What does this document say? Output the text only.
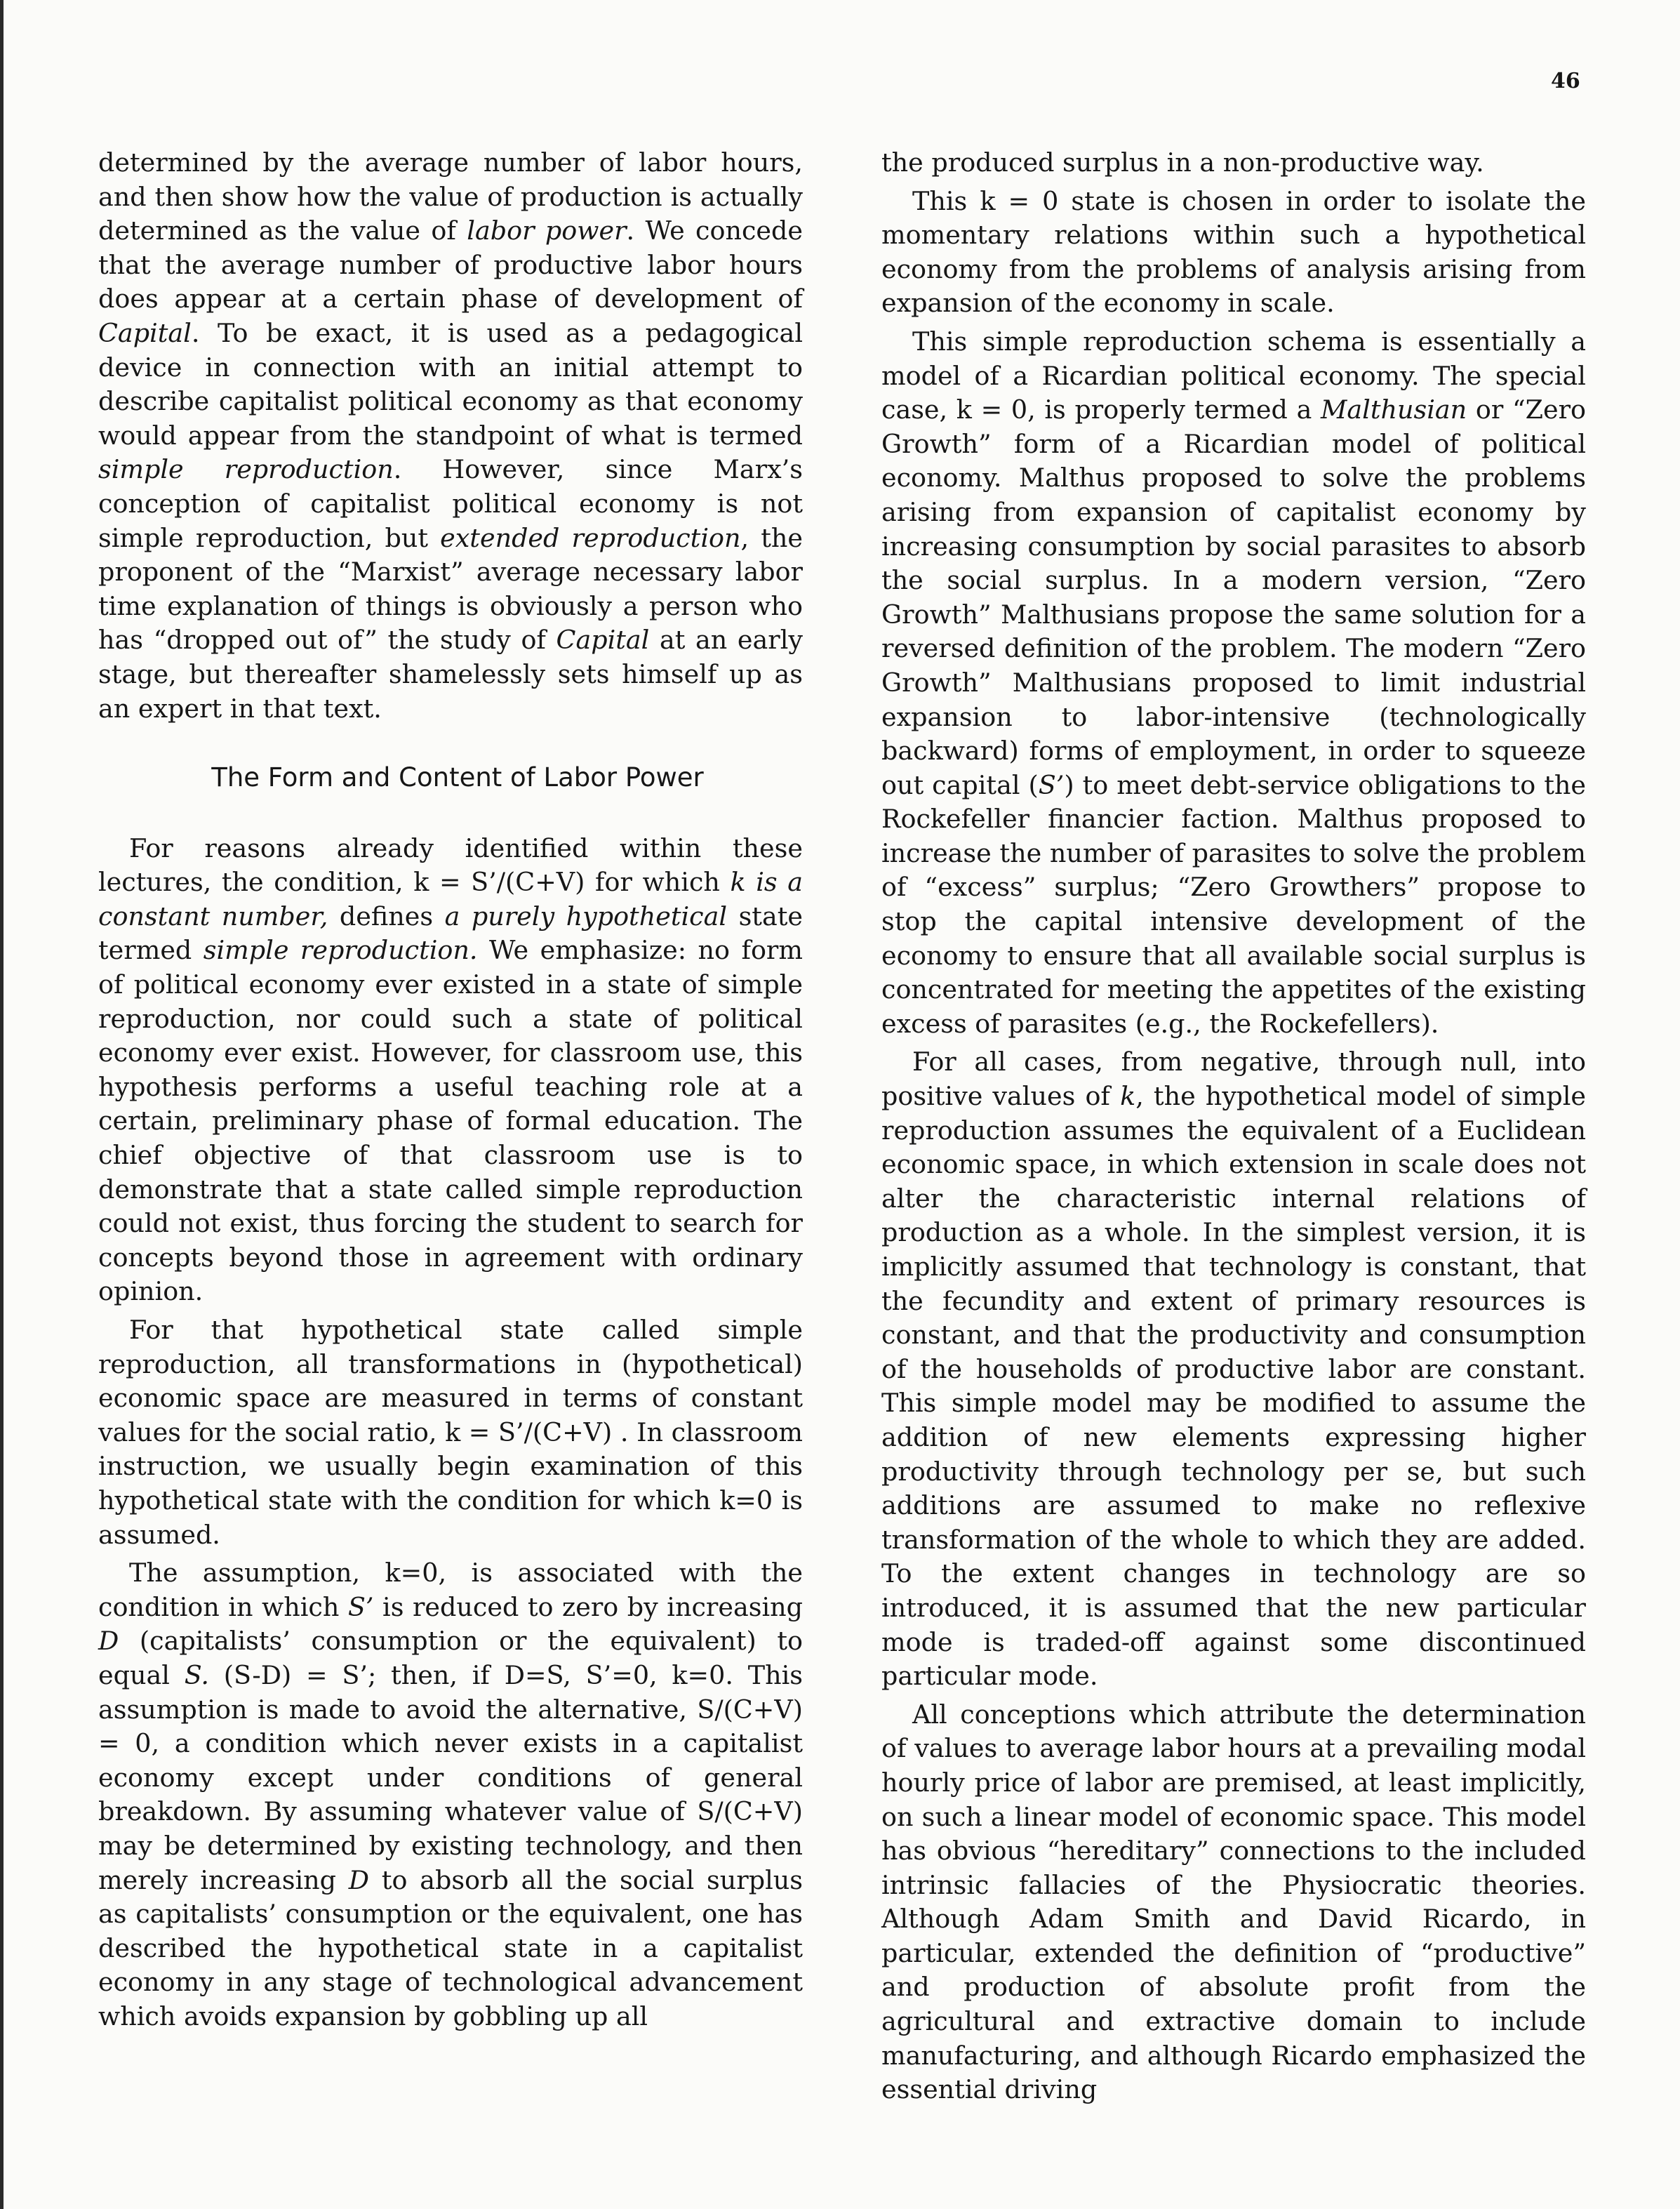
46

determined by the average number of labor hours, and then show how the value of production is actually determined as the value of labor power. We concede that the average number of productive labor hours does appear at a certain phase of development of Capital. To be exact, it is used as a pedagogical device in connection with an initial attempt to describe capitalist political economy as that economy would appear from the standpoint of what is termed simple reproduction. However, since Marx’s conception of capitalist political economy is not simple reproduction, but extended reproduction, the proponent of the “Marxist” average necessary labor time explanation of things is obviously a person who has “dropped out of” the study of Capital at an early stage, but thereafter shamelessly sets himself up as an expert in that text.

The Form and Content of Labor Power

For reasons already identified within these lectures, the condition, k = S’/(C+V) for which k is a constant number, defines a purely hypothetical state termed simple reproduction. We emphasize: no form of political economy ever existed in a state of simple reproduction, nor could such a state of political economy ever exist. However, for classroom use, this hypothesis performs a useful teaching role at a certain, preliminary phase of formal education. The chief objective of that classroom use is to demonstrate that a state called simple reproduction could not exist, thus forcing the student to search for concepts beyond those in agreement with ordinary opinion.

For that hypothetical state called simple reproduction, all transformations in (hypothetical) economic space are measured in terms of constant values for the social ratio, k = S’/(C+V) . In classroom instruction, we usually begin examination of this hypothetical state with the condition for which k=0 is assumed.

The assumption, k=0, is associated with the condition in which S’ is reduced to zero by increasing D (capitalists’ consumption or the equivalent) to equal S. (S-D) = S’; then, if D=S, S’=0, k=0. This assumption is made to avoid the alternative, S/(C+V) = 0, a condition which never exists in a capitalist economy except under conditions of general breakdown. By assuming whatever value of S/(C+V) may be determined by existing technology, and then merely increasing D to absorb all the social surplus as capitalists’ consumption or the equivalent, one has described the hypothetical state in a capitalist economy in any stage of technological advancement which avoids expansion by gobbling up all

the produced surplus in a non-productive way.

This k = 0 state is chosen in order to isolate the momentary relations within such a hypothetical economy from the problems of analysis arising from expansion of the economy in scale.

This simple reproduction schema is essentially a model of a Ricardian political economy. The special case, k = 0, is properly termed a Malthusian or “Zero Growth” form of a Ricardian model of political economy. Malthus proposed to solve the problems arising from expansion of capitalist economy by increasing consumption by social parasites to absorb the social surplus. In a modern version, “Zero Growth” Malthusians propose the same solution for a reversed definition of the problem. The modern “Zero Growth” Malthusians proposed to limit industrial expansion to labor-intensive (technologically backward) forms of employment, in order to squeeze out capital (S’) to meet debt-service obligations to the Rockefeller financier faction. Malthus proposed to increase the number of parasites to solve the problem of “excess” surplus; “Zero Growthers” propose to stop the capital intensive development of the economy to ensure that all available social surplus is concentrated for meeting the appetites of the existing excess of parasites (e.g., the Rockefellers).

For all cases, from negative, through null, into positive values of k, the hypothetical model of simple reproduction assumes the equivalent of a Euclidean economic space, in which extension in scale does not alter the characteristic internal relations of production as a whole. In the simplest version, it is implicitly assumed that technology is constant, that the fecundity and extent of primary resources is constant, and that the productivity and consumption of the households of productive labor are constant. This simple model may be modified to assume the addition of new elements expressing higher productivity through technology per se, but such additions are assumed to make no reflexive transformation of the whole to which they are added. To the extent changes in technology are so introduced, it is assumed that the new particular mode is traded-off against some discontinued particular mode.

All conceptions which attribute the determination of values to average labor hours at a prevailing modal hourly price of labor are premised, at least implicitly, on such a linear model of economic space. This model has obvious “hereditary” connections to the included intrinsic fallacies of the Physiocratic theories. Although Adam Smith and David Ricardo, in particular, extended the definition of “productive” and production of absolute profit from the agricultural and extractive domain to include manufacturing, and although Ricardo emphasized the essential driving
